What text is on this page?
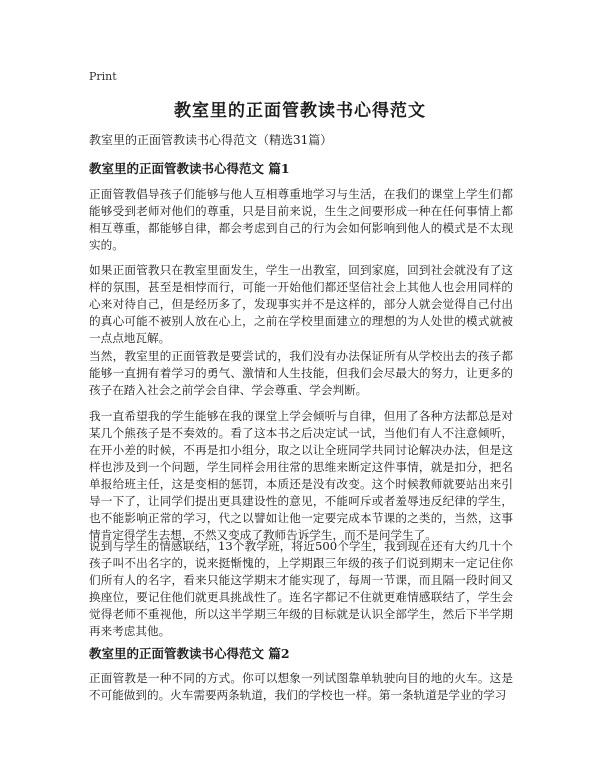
Print
教室里的正面管教读书心得范文
教室里的正面管教读书心得范文（精选31篇）
教室里的正面管教读书心得范文 篇1

正面管教倡导孩子们能够与他人互相尊重地学习与生活，在我们的课堂上学生们都能够受到老师对他们的尊重，只是目前来说，生生之间要形成一种在任何事情上都相互尊重，都能够自律，都会考虑到自己的行为会如何影响到他人的模式是不太现实的。

如果正面管教只在教室里面发生，学生一出教室，回到家庭，回到社会就没有了这样的氛围，甚至是相悖而行，可能一开始他们都还坚信社会上其他人也会用同样的心来对待自己，但是经历多了，发现事实并不是这样的，部分人就会觉得自己付出的真心可能不被别人放在心上，之前在学校里面建立的理想的为人处世的模式就被一点点地瓦解。

当然，教室里的正面管教是要尝试的，我们没有办法保证所有从学校出去的孩子都能够一直拥有着学习的勇气、激情和人生技能，但我们会尽最大的努力，让更多的孩子在踏入社会之前学会自律、学会尊重、学会判断。

我一直希望我的学生能够在我的课堂上学会倾听与自律，但用了各种方法都总是对某几个熊孩子是不奏效的。看了这本书之后决定试一试，当他们有人不注意倾听，在开小差的时候，不再是扣小组分，取之以让全班同学共同讨论解决办法，但是这样也涉及到一个问题，学生同样会用往常的思维来断定这件事情，就是扣分，把名单报给班主任，这是变相的惩罚，本质还是没有改变。这个时候教师就要站出来引导一下了，让同学们提出更具建设性的意见，不能呵斥或者羞辱违反纪律的学生，也不能影响正常的学习，代之以譬如让他一定要完成本节课的之类的，当然，这事情肯定得学生去想，不然又变成了教师告诉学生，而不是问学生了。

说到与学生的情感联结，13个教学班，将近500个学生，我到现在还有大约几十个孩子叫不出名字的，说来挺惭愧的，上学期跟三年级的孩子们说到期末一定记住你们所有人的名字，看来只能这学期末才能实现了，每周一节课，而且隔一段时间又换座位，要记住他们就更具挑战性了。连名字都记不住就更难情感联结了，学生会觉得老师不重视他，所以这半学期三年级的目标就是认识全部学生，然后下半学期再来考虑其他。

教室里的正面管教读书心得范文 篇2

正面管教是一种不同的方式。你可以想象一列试图靠单轨驶向目的地的火车。这是不可能做到的。火车需要两条轨道，我们的学校也一样。第一条轨道是学业的学习
